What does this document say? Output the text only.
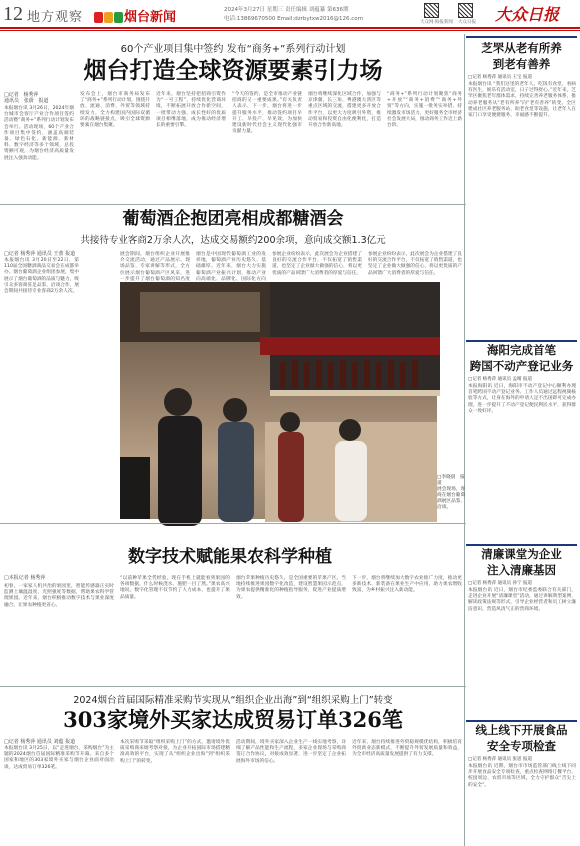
12 地方观察	烟台新闻	2024年3月27日 星期三 责任编辑 刘蕴纂 第636期
电话:13869670500 Email:dzrbytxw2016@126.com
大众网·海报新闻 大众日报 大众日报
60个产业项目集中签约 发布“商务+”系列行动计划
烟台打造全球资源要素引力场
□记者   杨秀萍
通讯员   张蔚   报道
本报烟台讯 3月26日，2024年烟台城市会客厅产业合作项目签约活动暨“商务+”系列行动计划发布会举行。活动现场，60个产业合作项目集中签约，涵盖高端装备、绿色石化、新能源、新材料、数字经济等多个领域，总投资额可观，为烟台经济高质量发展注入强劲动能。
发布会上，烟台市商务局发布了“商务+”系列行动计划，围绕开放、流通、消费、外贸等领域持续发力，全力构建国内国际双循环的战略链接点，吸引全球资源要素在烟台集聚。
近年来，烟台坚持把招商引资作为“一号工程”，持续优化营商环境，不断拓展开放合作新空间，一批带动力强、成长性好的优质项目相继落地，成为推动经济增长的重要引擎。
“今天的签约，是全市推动产业链招商的又一重要成果。”有关负责人表示，下一步，烟台将进一步提升服务水平，推动签约项目早开工、早投产、早见效，为加快建设新时代社会主义现代化强市贡献力量。
烟台将继续深化区域合作，加强与京津冀、长三角、粤港澳大湾区等重点区域的交流，搭建更多开放合作平台，以更大力度吸引外资，推动贸易和投资自由化便利化，打造开放合作新高地。
“商务+”系列行动计划聚焦“商务+开放”“商务+消费”“商务+外贸”等方向，实施一批务实举措，持续激发市场活力，更好服务全市经济社会发展大局，推动商务工作迈上新台阶。
芝罘从老有所养
到老有善养
□记者 杨秀萍 通讯员 王宝 报道
本报烟台讯 “我们这里的老年人，吃饭有食堂，看病有医生，娱乐有活动室，日子过得舒心。”近年来，芝罘区聚焦老年群体需求，持续完善养老服务体系，推动养老服务从“老有所养”向“老有善养”转变。全区建成社区养老服务站、助老食堂等设施，让老年人在家门口享受便捷服务，幸福感不断提升。
海阳完成首笔
跨国不动产登记业务
□记者 杨秀萍 通讯员 孟晴 报道
本报海阳讯 近日，海阳市不动产登记中心顺利办理首笔跨国不动产登记业务。工作人员通过远程视频核验等方式，让身在海外的申请人足不出国即可完成办理，进一步提升了不动产登记便民利民水平，获得群众一致好评。
清廉课堂为企业
注入清廉基因
□记者 杨秀萍 通讯员 孙宁 报道
本报烟台讯 近日，烟台市纪委监委联合有关部门，走进企业开展“清廉课堂”活动，通过讲解典型案例、解读政策法规等形式，引导企业经营者和员工树立廉洁意识，营造风清气正的营商环境。
线上线下开展食品
安全专项检查
□记者 杨秀萍 通讯员 张思 报道
本报烟台讯 近期，烟台市市场监管部门线上线下同步开展食品安全专项检查，重点检查网络订餐平台、校园周边、农贸市场等区域，全力守护群众“舌尖上的安全”。
葡萄酒企抱团亮相成都糖酒会
共接待专业客商2万余人次，达成交易额约200余项，意向成交额1.3亿元
□记者 杨秀萍 通讯员 王蕾 报道
本报烟台讯 3月20日至22日，第110届全国糖酒商品交易会在成都举办。烟台葡萄酒企业组团参展，集中展示了烟台葡萄酒的品质与魅力，吸引众多客商驻足品鉴、洽谈合作，展会期间共接待专业客商2万余人次。
展会期间，烟台组织企业开展推介交流活动，通过产品展示、现场品鉴、专家讲解等形式，全方位展示烟台葡萄酒产区风采，进一步提升了烟台葡萄酒的知名度
烟台是中国现代葡萄酒工业的发祥地，葡萄酒产业历史悠久、基础雄厚。近年来，烟台大力实施葡萄酒产业振兴计划，推动产业向高端化、品牌化、国际化方向
参展企业纷纷表示，此次展会为企业搭建了良好的交流合作平台，不仅拓宽了销售渠道，也坚定了企业做大做强的信心，将以更优质的产品回馈广大消费者的厚爱与信任。
参展企业纷纷表示，此次展会为企业搭建了良好的交流合作平台，不仅拓宽了销售渠道，也坚定了企业做大做强的信心，将以更优质的产品回馈广大消费者的厚爱与信任。
□李晓晨   报道
展会现场，客商在烟台葡萄酒展区品鉴、洽谈。
数字技术赋能果农科学种植
□本报记者 杨秀萍
初春，一家家人机共治的果园里，智能传感器正实时监测土壤温湿度、光照强度等数据，帮助果农科学管理果园。近年来，烟台积极推动数字技术与果业深度融合，让果农种植更省心。
“以前种苹果全凭经验，现在手机上就能看到果园的各项数据，什么时候浇水、施肥一目了然。”果农高兴地说。数字化管理不仅节约了人力成本，也提升了果品质量。
烟台苹果种植历史悠久，是全国重要的苹果产区。当地持续推进果园数字化改造，建设智慧果园示范点，为果农提供精准化的种植指导服务，促进产业提质增效。
下一步，烟台将继续加大数字农业推广力度，推动更多新技术、新装备在果业生产中应用，助力果农增收致富，为乡村振兴注入新动能。
2024烟台首届国际精准采购节实现从“组织企业出海”到“组织采购上门”转变
303家境外买家达成贸易订单326笔
□记者 杨秀萍 通讯员 刘蕴 报道
本报烟台讯 3月25日，以“走进烟台、采购烟台”为主题的2024烟台首届国际精准采购节开幕。来自多个国家和地区的303家境外买家与烟台企业面对面洽谈，达成贸易订单326笔。
本次采购节采取“组织采购上门”的方式，邀请境外优质采购商来烟考察对接，为企业开拓国际市场搭建精准高效的平台，实现了从“组织企业出海”到“组织采购上门”的转变。
活动期间，境外买家深入企业生产一线实地考察，详细了解产品性能和生产流程，多家企业现场与采购商签订合作协议，对接成效显著，进一步坚定了企业拓展海外市场的信心。
近年来，烟台持续推进外贸稳规模优结构，积极培育外贸新业态新模式，不断提升外贸发展质量和效益，为全市经济高质量发展提供了有力支撑。
